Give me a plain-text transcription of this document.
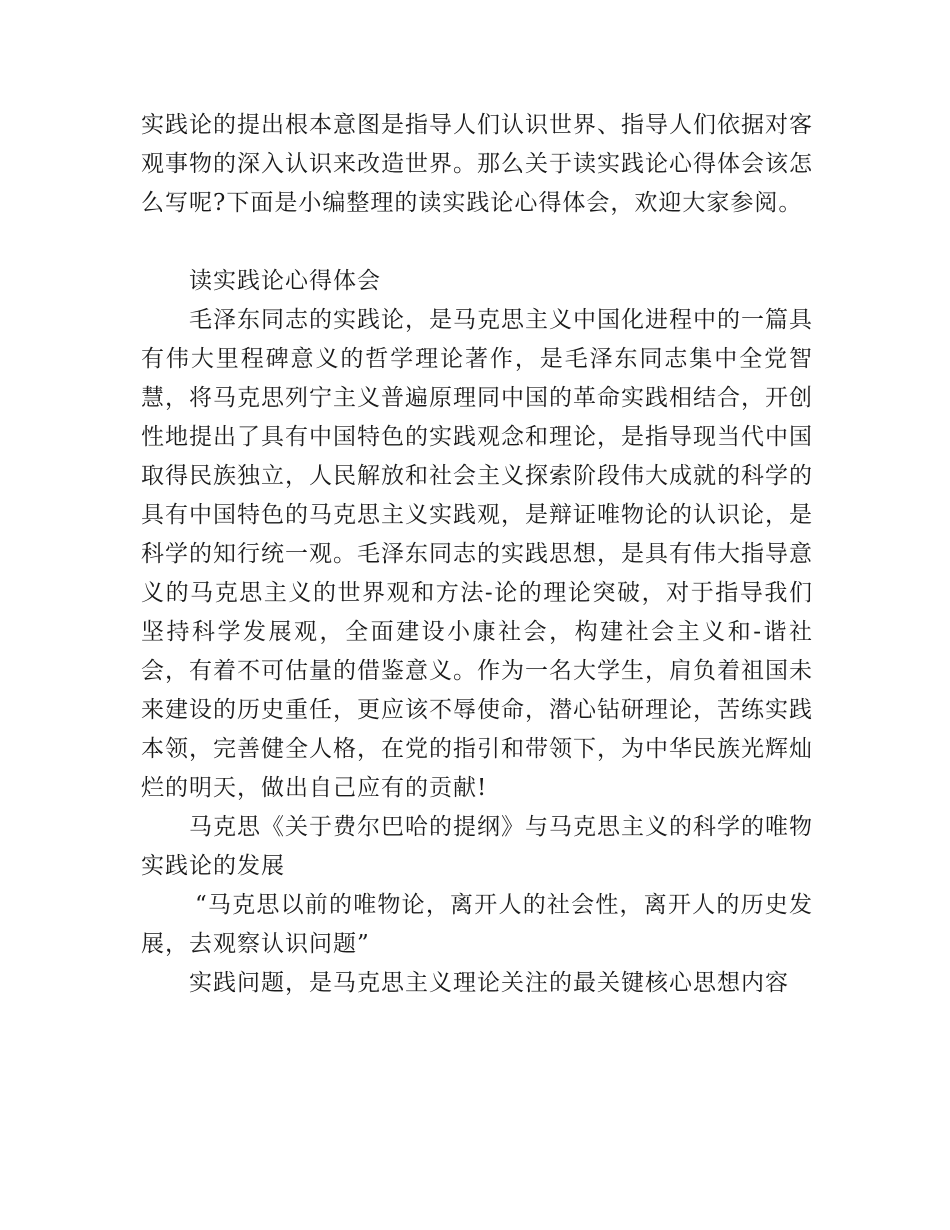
实践论的提出根本意图是指导人们认识世界、指导人们依据对客观事物的深入认识来改造世界。那么关于读实践论心得体会该怎么写呢?下面是小编整理的读实践论心得体会，欢迎大家参阅。

读实践论心得体会

毛泽东同志的实践论，是马克思主义中国化进程中的一篇具有伟大里程碑意义的哲学理论著作，是毛泽东同志集中全党智慧，将马克思列宁主义普遍原理同中国的革命实践相结合，开创性地提出了具有中国特色的实践观念和理论，是指导现当代中国取得民族独立，人民解放和社会主义探索阶段伟大成就的科学的具有中国特色的马克思主义实践观，是辩证唯物论的认识论，是科学的知行统一观。毛泽东同志的实践思想，是具有伟大指导意义的马克思主义的世界观和方法-论的理论突破，对于指导我们坚持科学发展观，全面建设小康社会，构建社会主义和-谐社会，有着不可估量的借鉴意义。作为一名大学生，肩负着祖国未来建设的历史重任，更应该不辱使命，潜心钻研理论，苦练实践本领，完善健全人格，在党的指引和带领下，为中华民族光辉灿烂的明天，做出自己应有的贡献!

马克思《关于费尔巴哈的提纲》与马克思主义的科学的唯物实践论的发展

“马克思以前的唯物论，离开人的社会性，离开人的历史发展，去观察认识问题”

实践问题，是马克思主义理论关注的最关键核心思想内容
